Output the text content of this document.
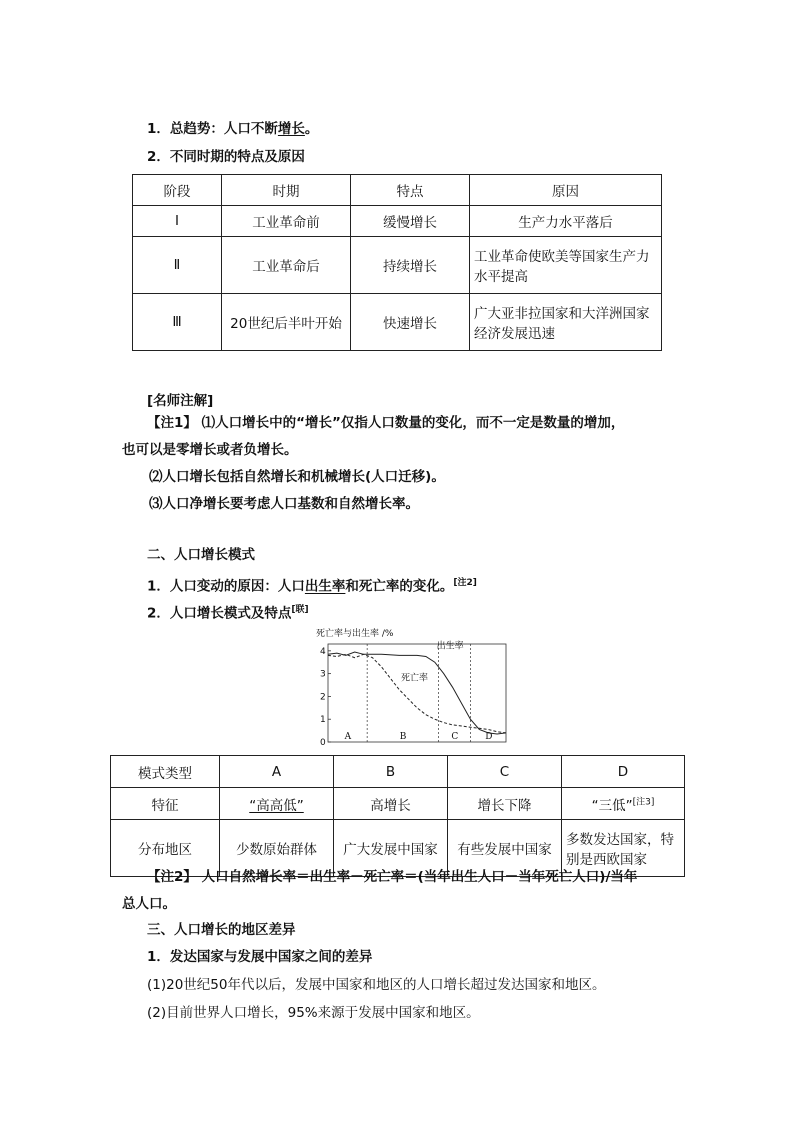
1．总趋势：人口不断增长。
2．不同时期的特点及原因
阶段	时期	特点	原因
Ⅰ	工业革命前	缓慢增长	生产力水平落后
Ⅱ	工业革命后	持续增长	工业革命使欧美等国家生产力水平提高
Ⅲ	20世纪后半叶开始	快速增长	广大亚非拉国家和大洋洲国家经济发展迅速
[名师注解]
【注1】 ⑴人口增长中的“增长”仅指人口数量的变化，而不一定是数量的增加，
也可以是零增长或者负增长。
⑵人口增长包括自然增长和机械增长(人口迁移)。
⑶人口净增长要考虑人口基数和自然增长率。
二、人口增长模式
1．人口变动的原因：人口出生率和死亡率的变化。[注2]
2．人口增长模式及特点[联]
死亡率与出生率 /%
0
1
2
3
4
A	B	C	D
出生率
死亡率
模式类型	A	B	C	D
特征	“高高低”	高增长	增长下降	“三低”[注3]
分布地区	少数原始群体	广大发展中国家	有些发展中国家	多数发达国家，特别是西欧国家
【注2】 人口自然增长率＝出生率－死亡率＝(当年出生人口－当年死亡人口)/当年
总人口。
三、人口增长的地区差异
1．发达国家与发展中国家之间的差异
(1)20世纪50年代以后，发展中国家和地区的人口增长超过发达国家和地区。
(2)目前世界人口增长，95%来源于发展中国家和地区。
